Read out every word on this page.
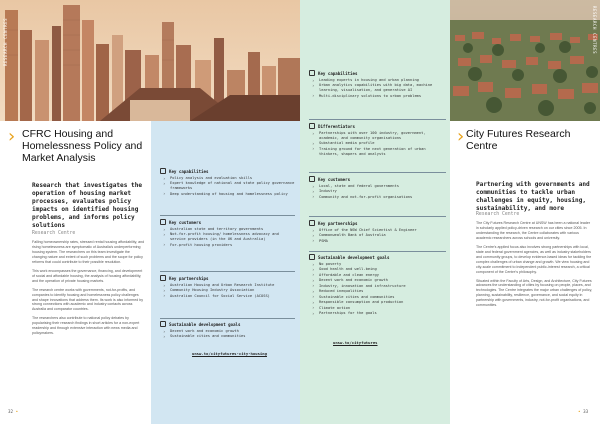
RESEARCH CENTRES	RESEARCH CENTRES
› CFRC Housing and Homelessness Policy and Market Analysis
Research that investigates the operation of housing market processes, evaluates policy impacts on identified housing problems, and informs policy solutions
Research Centre

Falling homeownership rates, stressed rental housing affordability, and rising homelessness are symptomatic of Australia's underperforming housing system. The researchers on this team investigate the changing nature and extent of such problems and the scope for policy reforms that could contribute to their possible resolution.

This work encompasses the governance, financing, and development of social and affordable housing, the analysis of housing affordability, and the operation of private housing markets.

The research centre works with governments, not-for-profits, and companies to identify housing and homelessness policy challenges and shape innovations that address them. Its work is also informed by strong connections with academic and industry contacts across Australia and comparator countries.

The researchers also contribute to national policy debates by popularising their research findings in short articles for a non-expert readership and through extensive interaction with news media and policymakers.

32 •
Key capabilities
› Policy analysis and evaluation skills
› Expert knowledge of national and state policy governance frameworks
› Deep understanding of housing and homelessness policy
Key customers
› Australian state and territory governments
› Not-for-profit housing/ homelessness advocacy and service providers (in the UK and Australia)
› For-profit housing providers
Key partnerships
› Australian Housing and Urban Research Institute
› Community Housing Industry Association
› Australian Council for Social Service (ACOSS)
Sustainable development goals
› Decent work and economic growth
› Sustainable cities and communities
unsw.to/cityfutures-city-housing
Key capabilities
› Leading experts in housing and urban planning
› Urban analytics capabilities with big data, machine learning, visualisation, and generative AI
› Multi-disciplinary solutions to urban problems
Differentiators
› Partnerships with over 100 industry, government, academic, and community organisations
› Substantial media profile
› Training ground for the next generation of urban thinkers, shapers and analysts
Key customers
› Local, state and federal governments
› Industry
› Community and not-for-profit organisations
Key partnerships
› Office of the NSW Chief Scientist & Engineer
› Commonwealth Bank of Australia
› PSMA
Sustainable development goals
› No poverty
› Good health and well-being
› Affordable and clean energy
› Decent work and economic growth
› Industry, innovation and infrastructure
› Reduced inequalities
› Sustainable cities and communities
› Responsible consumption and production
› Climate action
› Partnerships for the goals
unsw.to/cityfutures
› City Futures Research Centre
Partnering with governments and communities to tackle urban challenges in equity, housing, sustainability, and more
Research Centre

The City Futures Research Centre at UNSW has been a national leader in scholarly applied policy-driven research on our cities since 2005. In understanding the research, the Centre collaborates with various academic researchers across schools and university.

The Centre's applied focus also involves strong partnerships with local, state and federal government agencies, as well as industry stakeholders and community groups, to develop evidence-based ideas for tackling the complex challenges of urban change and growth. We view housing and city-scale commitment to independent public-interest research, a critical component of the Centre's philosophy.

Situated within the Faculty of Arts, Design, and Architecture, City Futures advances the understanding of cities by focusing on people, places, and technologies. The Centre integrates the major urban challenges of policy, planning, sustainability, resilience, governance, and social equity in partnership with governments, industry, not-for-profit organisations, and communities.

• 33
